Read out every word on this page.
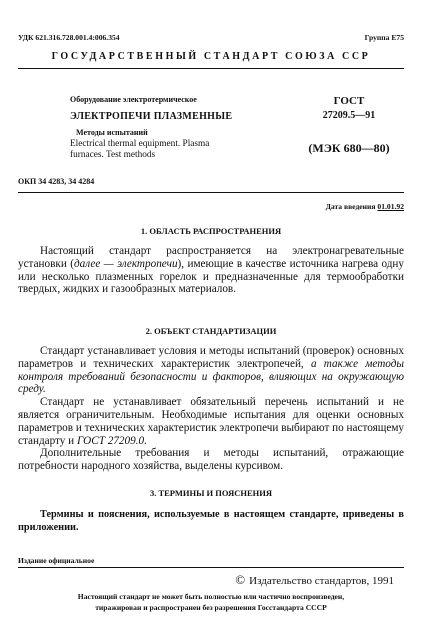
УДК 621.316.728.001.4:006.354	Группа Е75
ГОСУДАРСТВЕННЫЙ СТАНДАРТ СОЮЗА ССР
Оборудование электротермическое
ЭЛЕКТРОПЕЧИ ПЛАЗМЕННЫЕ
Методы испытаний
Electrical thermal equipment. Plasma
furnaces. Test methods
ГОСТ
27209.5—91
(МЭК 680—80)
ОКП 34 4283, 34 4284
Дата введения 01.01.92
1. ОБЛАСТЬ РАСПРОСТРАНЕНИЯ

Настоящий стандарт распространяется на электронагревательные установки (далее — электропечи), имеющие в качестве источника нагрева одну или несколько плазменных горелок и предназначенные для термообработки твердых, жидких и газообразных материалов.

2. ОБЪЕКТ СТАНДАРТИЗАЦИИ

Стандарт устанавливает условия и методы испытаний (проверок) основных параметров и технических характеристик электропечей, а также методы контроля требований безопасности и факторов, влияющих на окружающую среду.

Стандарт не устанавливает обязательный перечень испытаний и не является ограничительным. Необходимые испытания для оценки основных параметров и технических характеристик электропечи выбирают по настоящему стандарту и ГОСТ 27209.0.

Дополнительные требования и методы испытаний, отражающие потребности народного хозяйства, выделены курсивом.

3. ТЕРМИНЫ И ПОЯСНЕНИЯ

Термины и пояснения, используемые в настоящем стандарте, приведены в приложении.

Издание официальное
© Издательство стандартов, 1991
Настоящий стандарт не может быть полностью или частично воспроизведен,
тиражирован и распространен без разрешения Госстандарта СССР
